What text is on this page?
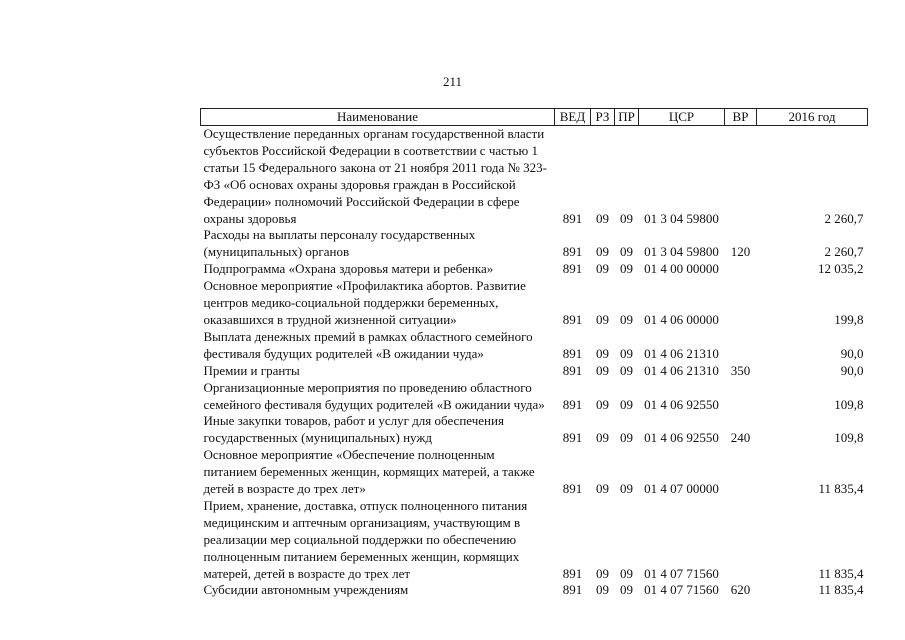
211
Наименование	ВЕД	РЗ	ПР	ЦСР	ВР	2016 год
Осуществление переданных органам государственной власти субъектов Российской Федерации в соответствии с частью 1 статьи 15 Федерального закона от 21 ноября 2011 года № 323-ФЗ «Об основах охраны здоровья граждан в Российской Федерации» полномочий Российской Федерации в сфере охраны здоровья	891	09	09	01 3 04 59800		2 260,7
Расходы на выплаты персоналу государственных (муниципальных) органов	891	09	09	01 3 04 59800	120	2 260,7
Подпрограмма «Охрана здоровья матери и ребенка»	891	09	09	01 4 00 00000		12 035,2
Основное мероприятие «Профилактика абортов. Развитие центров медико-социальной поддержки беременных, оказавшихся в трудной жизненной ситуации»	891	09	09	01 4 06 00000		199,8
Выплата денежных премий в рамках областного семейного фестиваля будущих родителей «В ожидании чуда»	891	09	09	01 4 06 21310		90,0
Премии и гранты	891	09	09	01 4 06 21310	350	90,0
Организационные мероприятия по проведению областного семейного фестиваля будущих родителей «В ожидании чуда»	891	09	09	01 4 06 92550		109,8
Иные закупки товаров, работ и услуг для обеспечения государственных (муниципальных) нужд	891	09	09	01 4 06 92550	240	109,8
Основное мероприятие «Обеспечение полноценным питанием беременных женщин, кормящих матерей, а также детей в возрасте до трех лет»	891	09	09	01 4 07 00000		11 835,4
Прием, хранение, доставка, отпуск полноценного питания медицинским и аптечным организациям, участвующим в реализации мер социальной поддержки по обеспечению полноценным питанием беременных женщин, кормящих матерей, детей в возрасте до трех лет	891	09	09	01 4 07 71560		11 835,4
Субсидии автономным учреждениям	891	09	09	01 4 07 71560	620	11 835,4
